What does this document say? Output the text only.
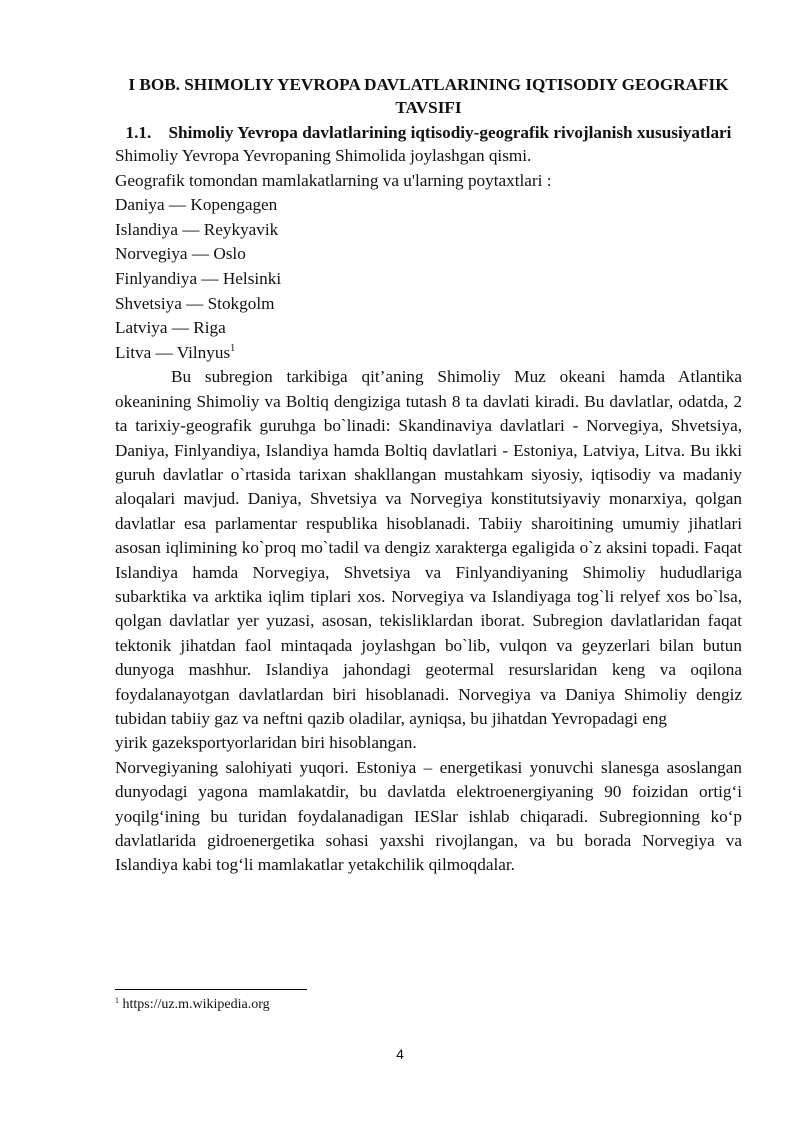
I BOB. SHIMOLIY YEVROPA DAVLATLARINING IQTISODIY GEOGRAFIK TAVSIFI
1.1.    Shimoliy Yevropa davlatlarining iqtisodiy-geografik rivojlanish xususiyatlari
Shimoliy Yevropa Yevropaning Shimolida joylashgan qismi.
Geografik tomondan mamlakatlarning va u'larning poytaxtlari :
Daniya — Kopengagen
Islandiya — Reykyavik
Norvegiya — Oslo
Finlyandiya — Helsinki
Shvetsiya — Stokgolm
Latviya — Riga
Litva — Vilnyus$^1$

Bu subregion tarkibiga qit’aning Shimoliy Muz okeani hamda Atlantika okeanining Shimoliy va Boltiq dengiziga tutash 8 ta davlati kiradi. Bu davlatlar, odatda, 2 ta tarixiy-geografik guruhga bo`linadi: Skandinaviya davlatlari - Norvegiya, Shvetsiya, Daniya, Finlyandiya, Islandiya hamda Boltiq davlatlari - Estoniya, Latviya, Litva. Bu ikki guruh davlatlar o`rtasida tarixan shakllangan mustahkam siyosiy, iqtisodiy va madaniy aloqalari mavjud. Daniya, Shvetsiya va Norvegiya konstitutsiyaviy monarxiya, qolgan davlatlar esa parlamentar respublika hisoblanadi. Tabiiy sharoitining umumiy jihatlari asosan iqlimining ko`proq mo`tadil va dengiz xarakterga egaligida o`z aksini topadi. Faqat Islandiya hamda Norvegiya, Shvetsiya va Finlyandiyaning Shimoliy hududlariga subarktika va arktika iqlim tiplari xos. Norvegiya va Islandiyaga tog`li relyef xos bo`lsa, qolgan davlatlar yer yuzasi, asosan, tekisliklardan iborat. Subregion davlatlaridan faqat tektonik jihatdan faol mintaqada joylashgan bo`lib, vulqon va geyzerlari bilan butun dunyoga mashhur. Islandiya jahondagi geotermal resurslaridan keng va oqilona foydalanayotgan davlatlardan biri hisoblanadi. Norvegiya va Daniya Shimoliy dengiz tubidan tabiiy gaz va neftni qazib oladilar, ayniqsa, bu jihatdan Yevropadagi eng

yirik gazeksportyorlaridan biri hisoblangan.

Norvegiyaning salohiyati yuqori. Estoniya – energetikasi yonuvchi slanesga asoslangan dunyodagi yagona mamlakatdir, bu davlatda elektroenergiyaning 90 foizidan ortig‘i yoqilg‘ining bu turidan foydalanadigan IESlar ishlab chiqaradi. Subregionning ko‘p davlatlarida gidroenergetika sohasi yaxshi rivojlangan, va bu borada Norvegiya va Islandiya kabi tog‘li mamlakatlar yetakchilik qilmoqdalar.

$^1$ https://uz.m.wikipedia.org
4
